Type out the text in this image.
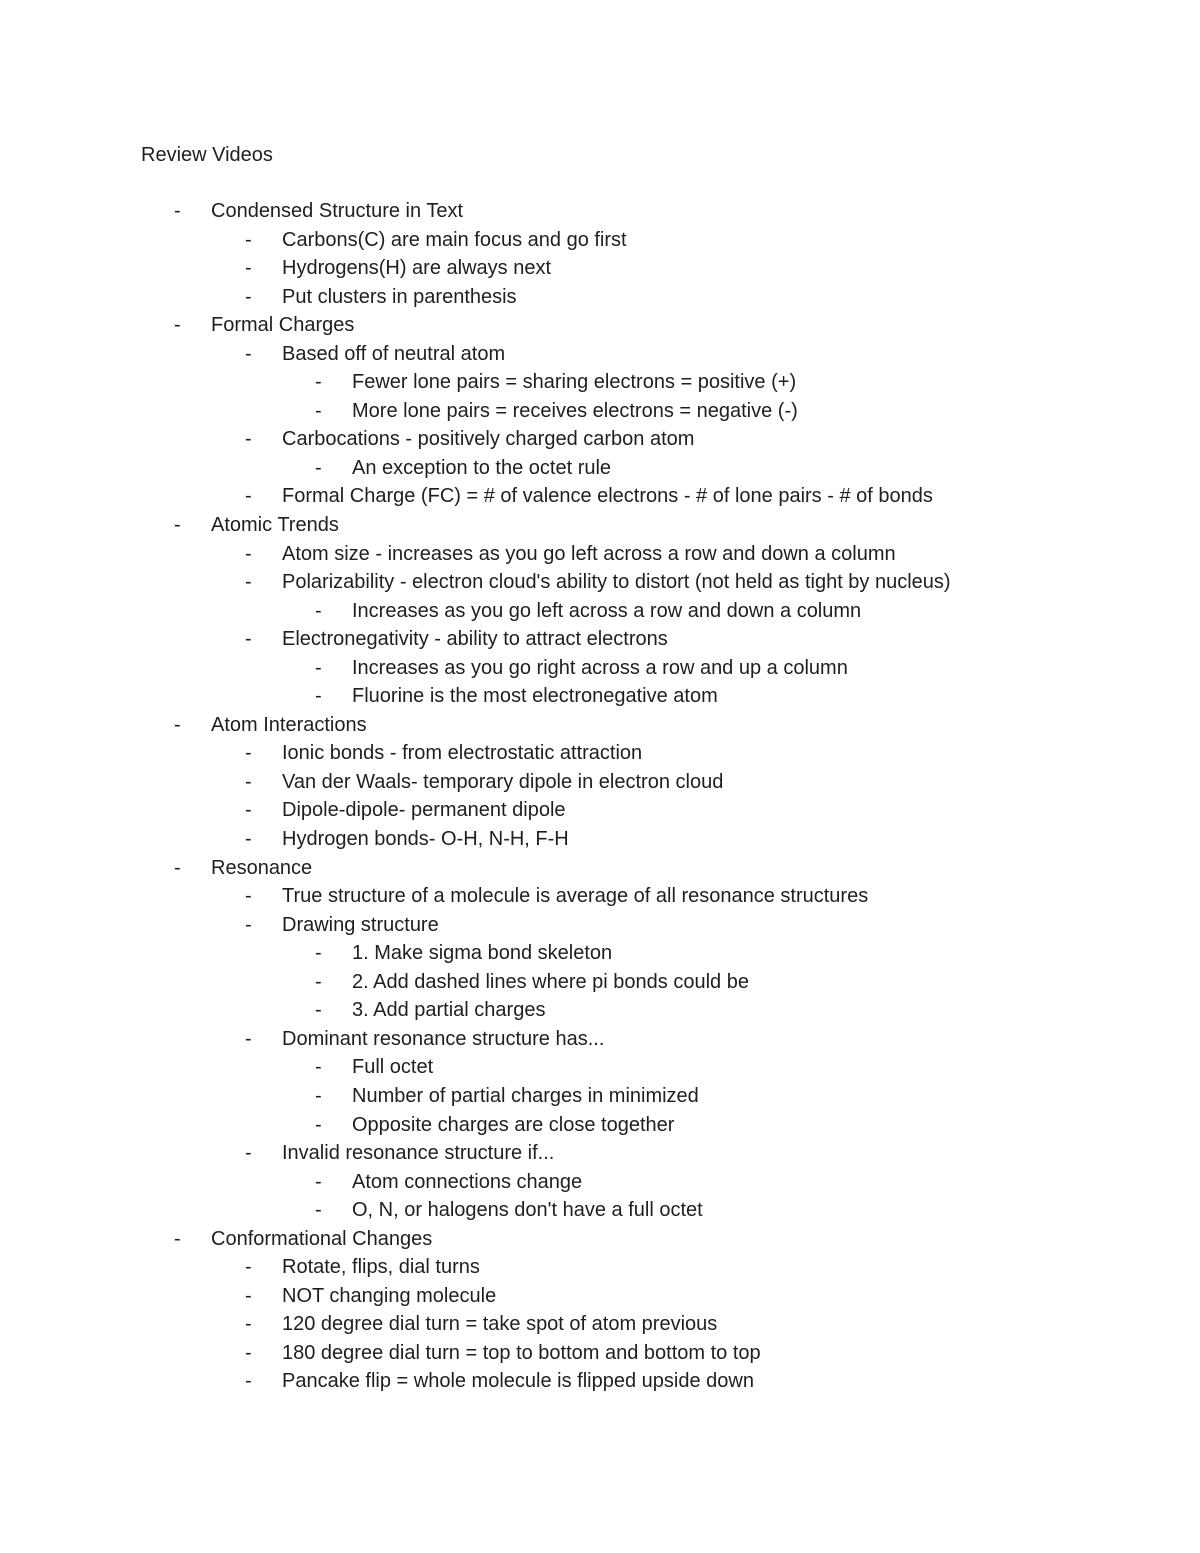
Review Videos
- Condensed Structure in Text
- Carbons(C) are main focus and go first
- Hydrogens(H) are always next
- Put clusters in parenthesis
- Formal Charges
- Based off of neutral atom
- Fewer lone pairs = sharing electrons = positive (+)
- More lone pairs = receives electrons = negative (-)
- Carbocations - positively charged carbon atom
- An exception to the octet rule
- Formal Charge (FC) = # of valence electrons - # of lone pairs - # of bonds
- Atomic Trends
- Atom size - increases as you go left across a row and down a column
- Polarizability - electron cloud's ability to distort (not held as tight by nucleus)
- Increases as you go left across a row and down a column
- Electronegativity - ability to attract electrons
- Increases as you go right across a row and up a column
- Fluorine is the most electronegative atom
- Atom Interactions
- Ionic bonds - from electrostatic attraction
- Van der Waals- temporary dipole in electron cloud
- Dipole-dipole- permanent dipole
- Hydrogen bonds- O-H, N-H, F-H
- Resonance
- True structure of a molecule is average of all resonance structures
- Drawing structure
- 1. Make sigma bond skeleton
- 2. Add dashed lines where pi bonds could be
- 3. Add partial charges
- Dominant resonance structure has...
- Full octet
- Number of partial charges in minimized
- Opposite charges are close together
- Invalid resonance structure if...
- Atom connections change
- O, N, or halogens don't have a full octet
- Conformational Changes
- Rotate, flips, dial turns
- NOT changing molecule
- 120 degree dial turn = take spot of atom previous
- 180 degree dial turn = top to bottom and bottom to top
- Pancake flip = whole molecule is flipped upside down
